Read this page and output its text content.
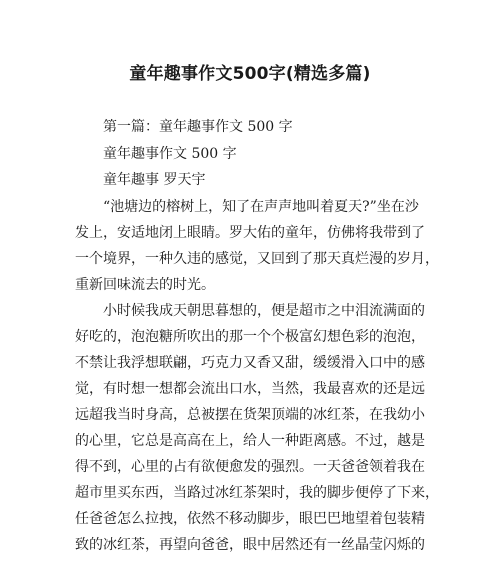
童年趣事作文500字(精选多篇)
第一篇：童年趣事作文 500 字
童年趣事作文 500 字
童年趣事 罗天宇
“池塘边的榕树上，知了在声声地叫着夏天?”坐在沙
发上，安适地闭上眼睛。罗大佑的童年，仿佛将我带到了
一个境界，一种久违的感觉，又回到了那天真烂漫的岁月，
重新回味流去的时光。
小时候我成天朝思暮想的，便是超市之中泪流满面的
好吃的，泡泡糖所吹出的那一个个极富幻想色彩的泡泡，
不禁让我浮想联翩，巧克力又香又甜，缓缓滑入口中的感
觉，有时想一想都会流出口水，当然，我最喜欢的还是远
远超我当时身高，总被摆在货架顶端的冰红茶，在我幼小
的心里，它总是高高在上，给人一种距离感。不过，越是
得不到，心里的占有欲便愈发的强烈。一天爸爸领着我在
超市里买东西，当路过冰红茶架时，我的脚步便停了下来，
任爸爸怎么拉拽，依然不移动脚步，眼巴巴地望着包装精
致的冰红茶，再望向爸爸，眼中居然还有一丝晶莹闪烁的
